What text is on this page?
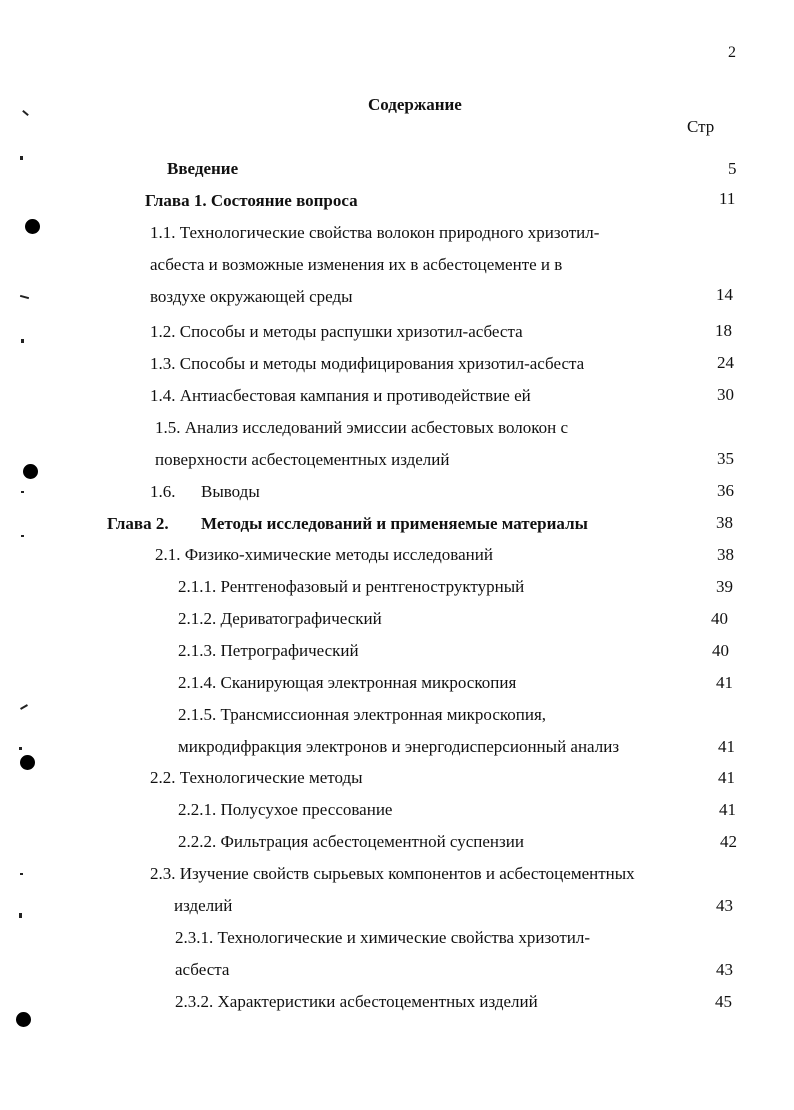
2
Содержание
Стр
Введение	5
Глава 1. Состояние вопроса	11
1.1. Технологические свойства волокон природного хризотил-
асбеста и возможные изменения их в асбестоцементе и в
воздухе окружающей среды	14
1.2. Способы и методы распушки хризотил-асбеста	18
1.3. Способы и методы модифицирования хризотил-асбеста	24
1.4. Антиасбестовая кампания и противодействие ей	30
1.5. Анализ исследований эмиссии асбестовых волокон с
поверхности асбестоцементных изделий	35
1.6. Выводы	36
Глава 2. Методы исследований и применяемые материалы	38
2.1. Физико-химические методы исследований	38
2.1.1. Рентгенофазовый и рентгеноструктурный	39
2.1.2. Дериватографический	40
2.1.3. Петрографический	40
2.1.4. Сканирующая электронная микроскопия	41
2.1.5. Трансмиссионная электронная микроскопия,
микродифракция электронов и энергодисперсионный анализ	41
2.2. Технологические методы	41
2.2.1. Полусухое прессование	41
2.2.2. Фильтрация асбестоцементной суспензии	42
2.3. Изучение свойств сырьевых компонентов и асбестоцементных
изделий	43
2.3.1. Технологические и химические свойства хризотил-
асбеста	43
2.3.2. Характеристики асбестоцементных изделий	45
